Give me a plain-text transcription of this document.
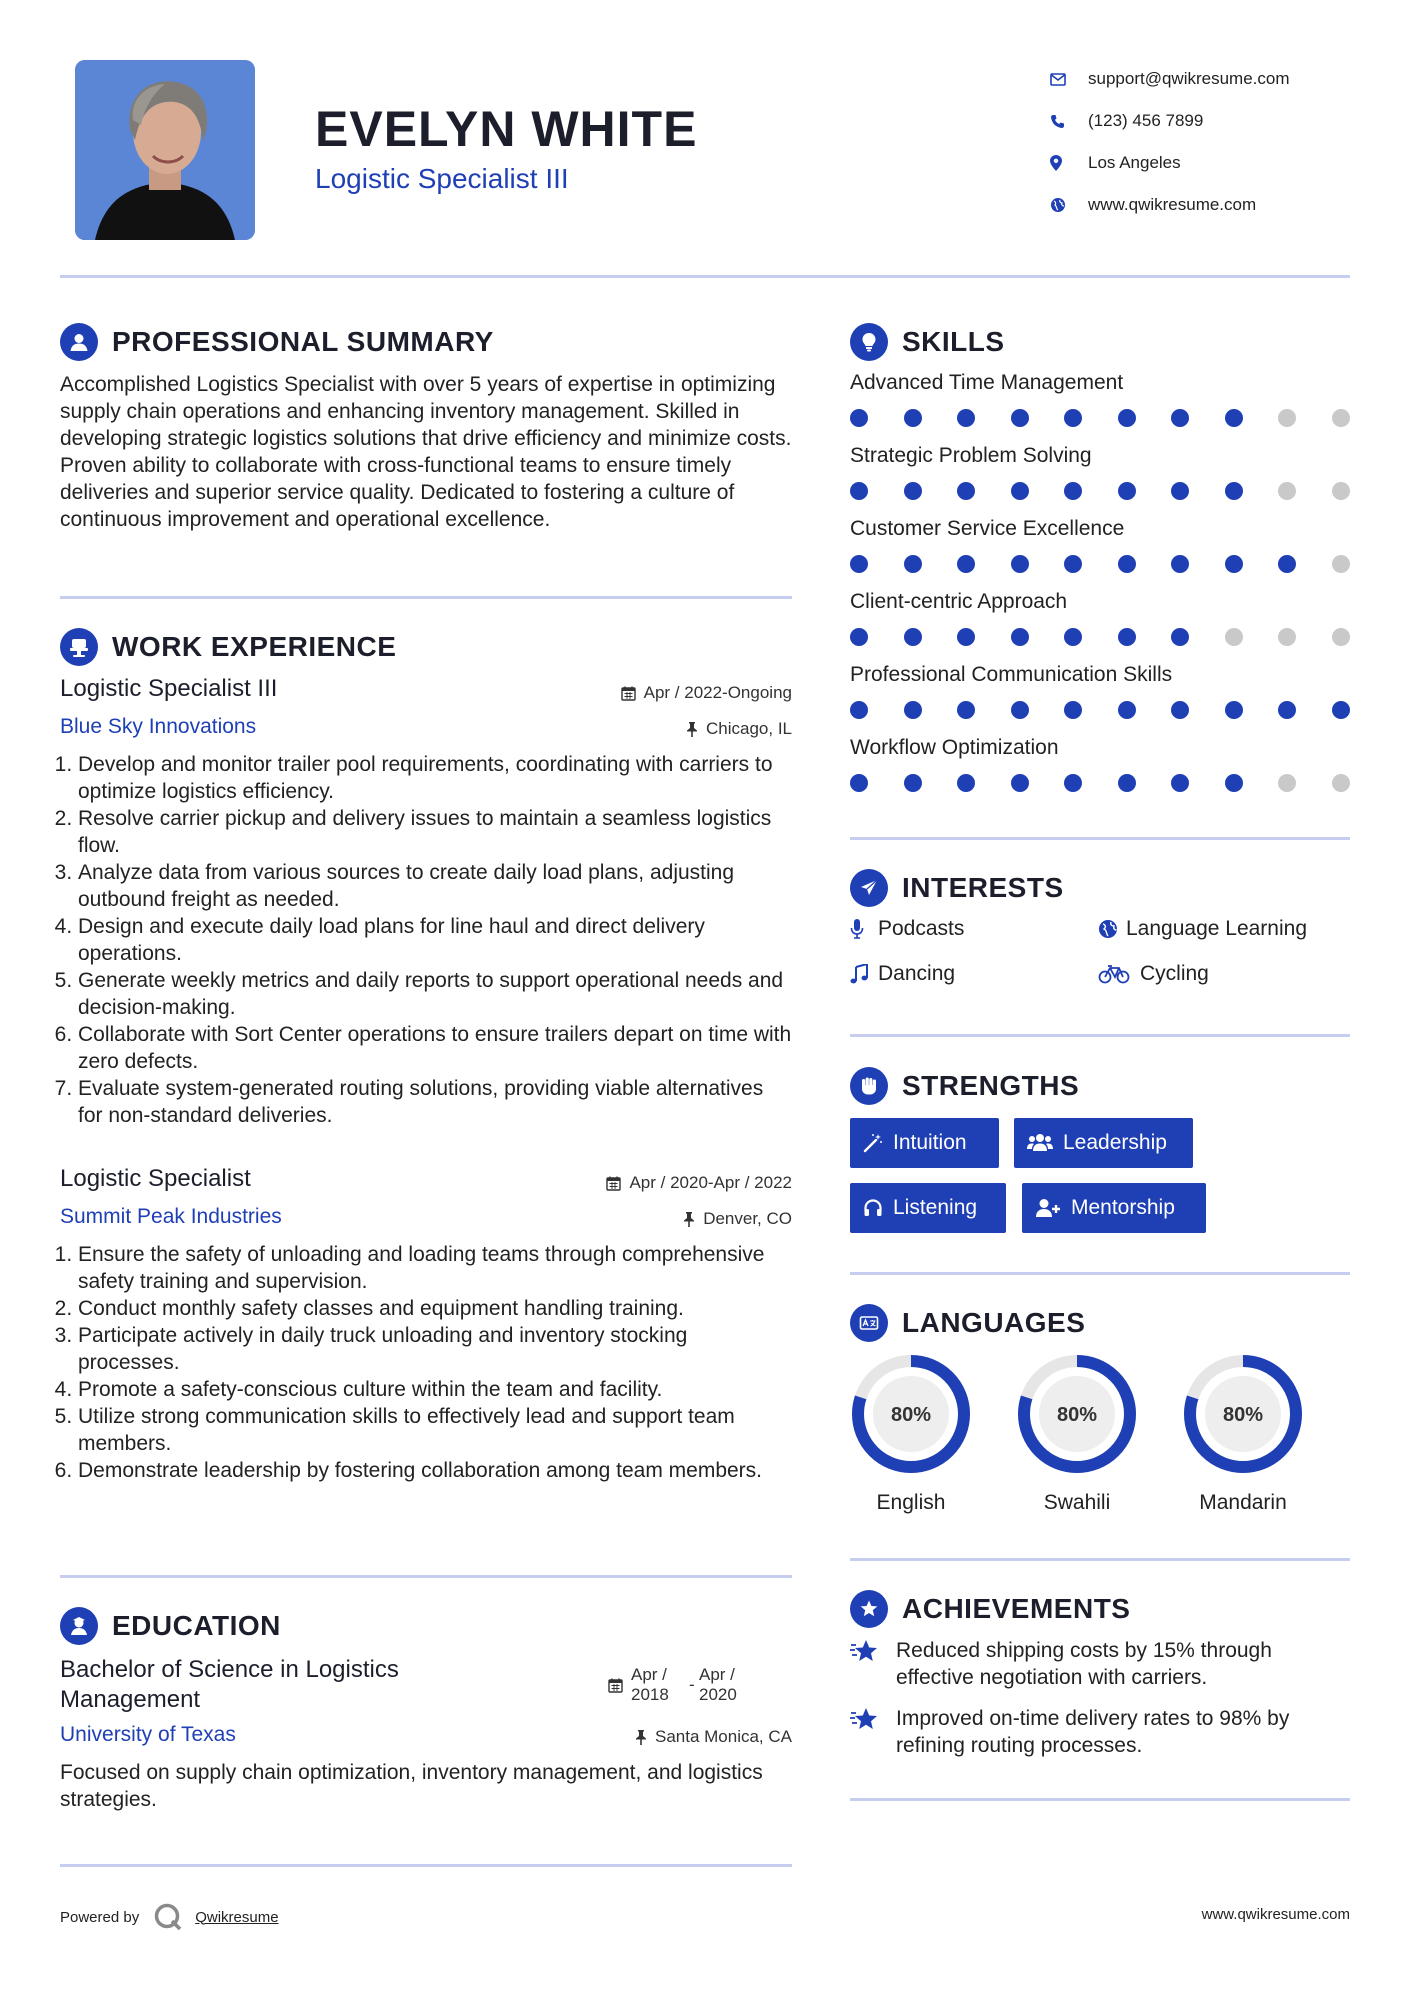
EVELYN WHITE
Logistic Specialist III
support@qwikresume.com
(123) 456 7899
Los Angeles
www.qwikresume.com
PROFESSIONAL SUMMARY
Accomplished Logistics Specialist with over 5 years of expertise in optimizing supply chain operations and enhancing inventory management. Skilled in developing strategic logistics solutions that drive efficiency and minimize costs. Proven ability to collaborate with cross-functional teams to ensure timely deliveries and superior service quality. Dedicated to fostering a culture of continuous improvement and operational excellence.
WORK EXPERIENCE
Logistic Specialist III	Apr / 2022-Ongoing
Blue Sky Innovations	Chicago, IL
1. Develop and monitor trailer pool requirements, coordinating with carriers to optimize logistics efficiency.
2. Resolve carrier pickup and delivery issues to maintain a seamless logistics flow.
3. Analyze data from various sources to create daily load plans, adjusting outbound freight as needed.
4. Design and execute daily load plans for line haul and direct delivery operations.
5. Generate weekly metrics and daily reports to support operational needs and decision-making.
6. Collaborate with Sort Center operations to ensure trailers depart on time with zero defects.
7. Evaluate system-generated routing solutions, providing viable alternatives for non-standard deliveries.
Logistic Specialist	Apr / 2020-Apr / 2022
Summit Peak Industries	Denver, CO
1. Ensure the safety of unloading and loading teams through comprehensive safety training and supervision.
2. Conduct monthly safety classes and equipment handling training.
3. Participate actively in daily truck unloading and inventory stocking processes.
4. Promote a safety-conscious culture within the team and facility.
5. Utilize strong communication skills to effectively lead and support team members.
6. Demonstrate leadership by fostering collaboration among team members.
EDUCATION
Bachelor of Science in Logistics Management
Apr / 2018
-
Apr / 2020
University of Texas	Santa Monica, CA
Focused on supply chain optimization, inventory management, and logistics strategies.
SKILLS
Advanced Time Management
Strategic Problem Solving
Customer Service Excellence
Client-centric Approach
Professional Communication Skills
Workflow Optimization
INTERESTS
Podcasts	Language Learning
Dancing	Cycling
STRENGTHS
Intuition	Leadership
Listening	Mentorship
LANGUAGES
80%
English
80%
Swahili
80%
Mandarin
ACHIEVEMENTS
Reduced shipping costs by 15% through effective negotiation with carriers.
Improved on-time delivery rates to 98% by refining routing processes.
Powered by	Qwikresume	www.qwikresume.com
